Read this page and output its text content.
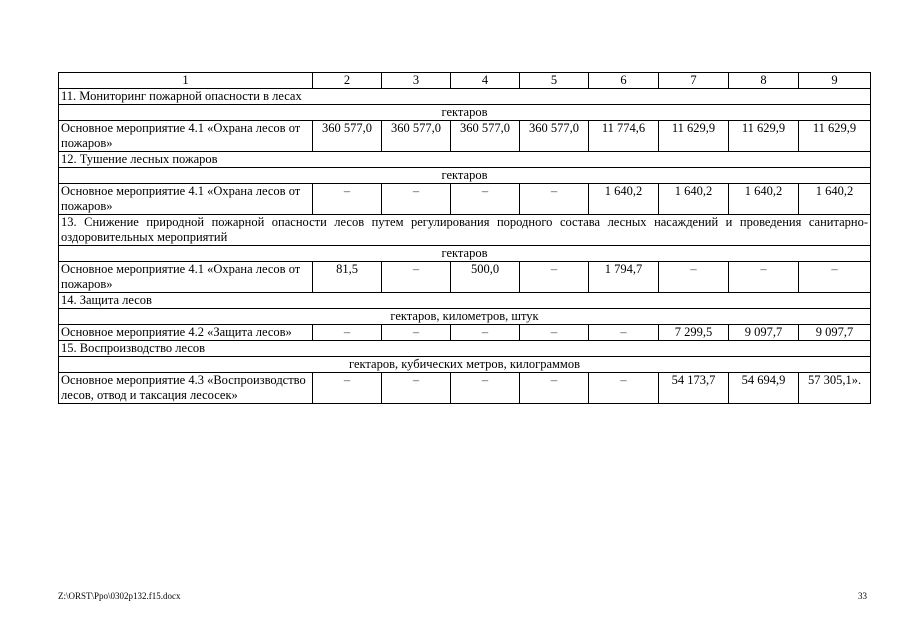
1	2	3	4	5	6	7	8	9
11. Мониторинг пожарной опасности в лесах								
гектаров								
Основное мероприятие 4.1 «Охрана лесов от пожаров»	360 577,0	360 577,0	360 577,0	360 577,0	11 774,6	11 629,9	11 629,9	11 629,9
12. Тушение лесных пожаров								
гектаров								
Основное мероприятие 4.1 «Охрана лесов от пожаров»	–	–	–	–	1 640,2	1 640,2	1 640,2	1 640,2
13. Снижение природной пожарной опасности лесов путем регулирования породного состава лесных насаждений и проведения санитарно-оздоровительных мероприятий								
гектаров								
Основное мероприятие 4.1 «Охрана лесов от пожаров»	81,5	–	500,0	–	1 794,7	–	–	–
14. Защита лесов								
гектаров, километров, штук								
Основное мероприятие 4.2 «Защита лесов»	–	–	–	–	–	7 299,5	9 097,7	9 097,7
15. Воспроизводство лесов								
гектаров, кубических метров, килограммов								
Основное мероприятие 4.3 «Воспроизводство лесов, отвод и таксация лесосек»	–	–	–	–	–	54 173,7	54 694,9	57 305,1».
Z:\ORST\Ppo\0302p132.f15.docx	33
